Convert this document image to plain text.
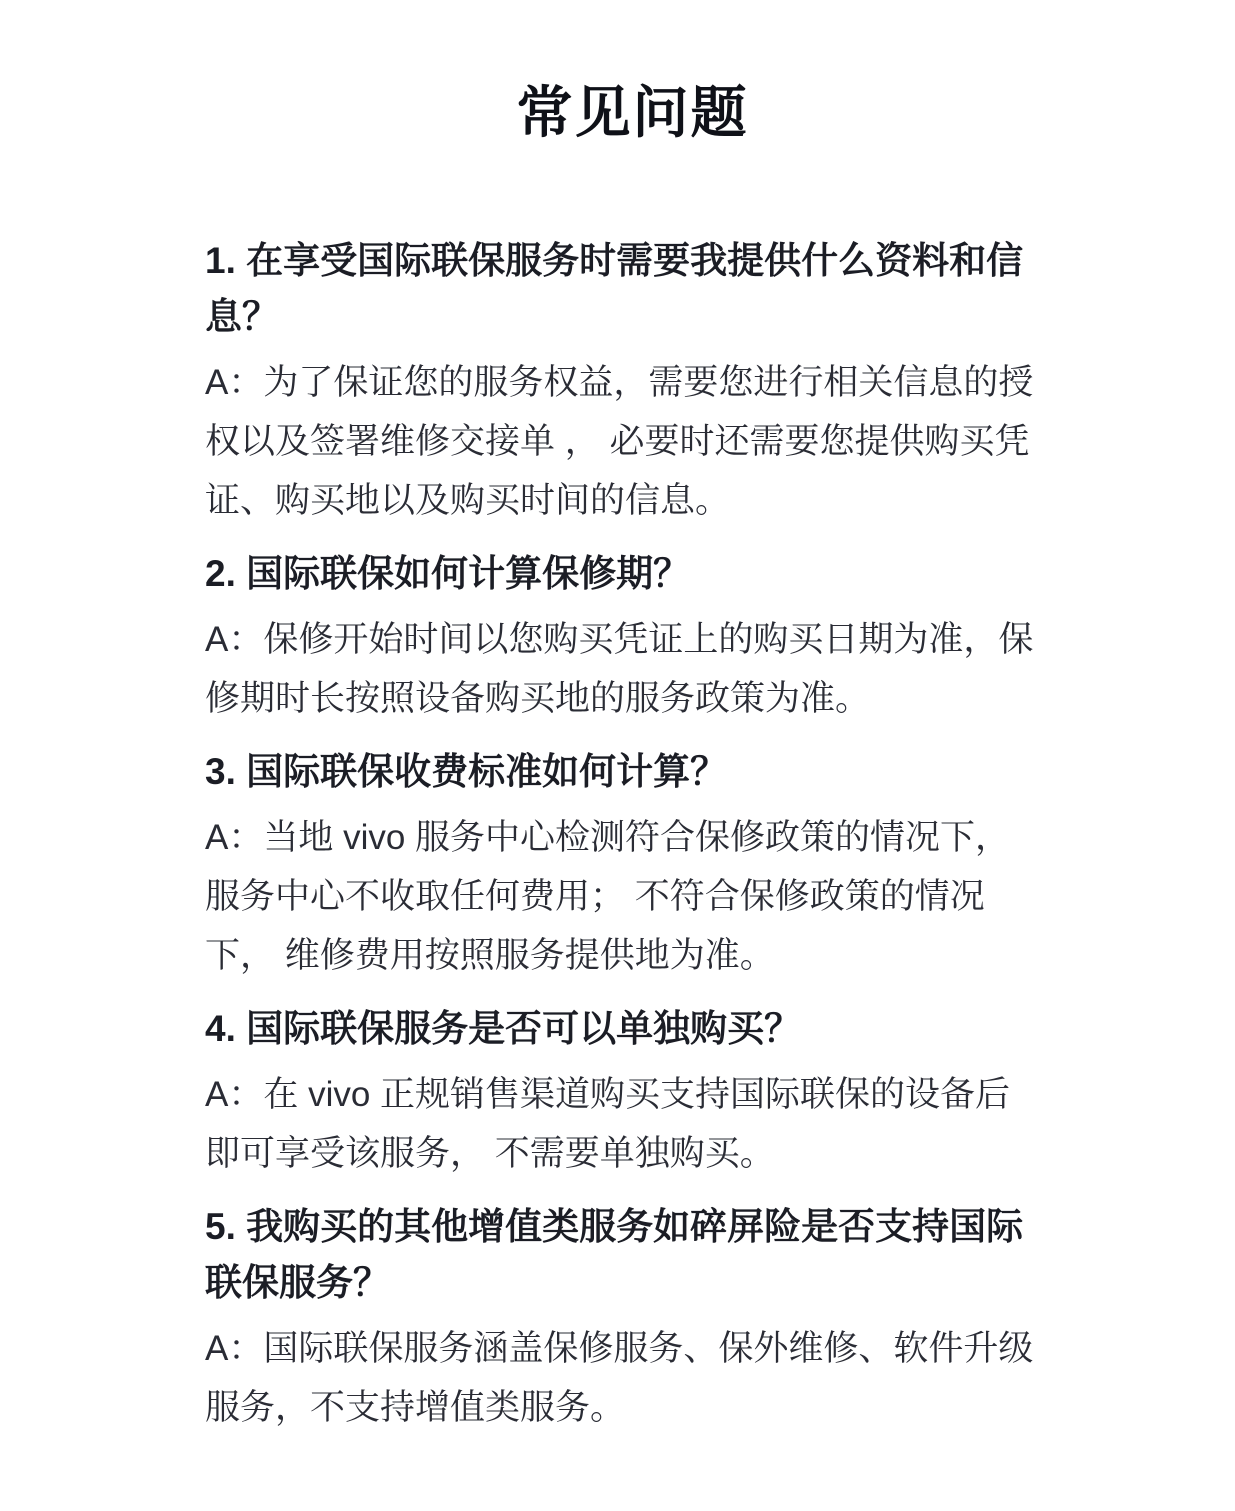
常见问题
1. 在享受国际联保服务时需要我提供什么资料和信息？

A：为了保证您的服务权益，需要您进行相关信息的授权以及签署维修交接单 ， 必要时还需要您提供购买凭证、购买地以及购买时间的信息。

2. 国际联保如何计算保修期？

A：保修开始时间以您购买凭证上的购买日期为准，保修期时长按照设备购买地的服务政策为准。

3. 国际联保收费标准如何计算？

A：当地 vivo 服务中心检测符合保修政策的情况下， 服务中心不收取任何费用； 不符合保修政策的情况下， 维修费用按照服务提供地为准。

4. 国际联保服务是否可以单独购买？

A：在 vivo 正规销售渠道购买支持国际联保的设备后即可享受该服务， 不需要单独购买。

5. 我购买的其他增值类服务如碎屏险是否支持国际联保服务？

A：国际联保服务涵盖保修服务、保外维修、软件升级服务，不支持增值类服务。
